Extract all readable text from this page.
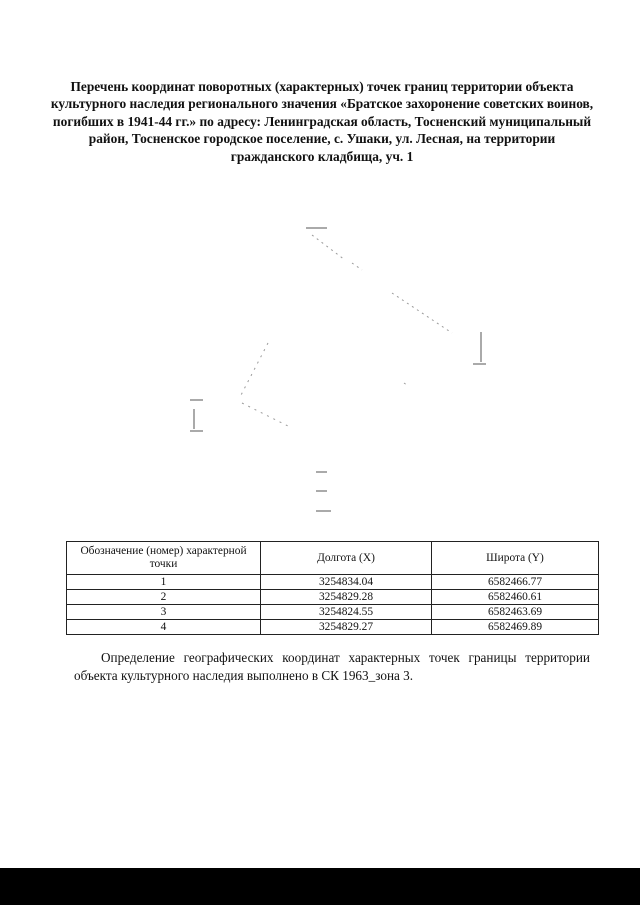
Перечень координат поворотных (характерных) точек границ территории объекта культурного наследия регионального значения «Братское захоронение советских воинов, погибших в 1941-44 гг.» по адресу: Ленинградская область, Тосненский муниципальный район, Тосненское городское поселение, с. Ушаки, ул. Лесная, на территории гражданского кладбища, уч. 1
Обозначение (номер) характерной точки	Долгота (X)	Широта (Y)
1	3254834.04	6582466.77
2	3254829.28	6582460.61
3	3254824.55	6582463.69
4	3254829.27	6582469.89

Определение географических координат характерных точек границы территории объекта культурного наследия выполнено в СК 1963_зона 3.
